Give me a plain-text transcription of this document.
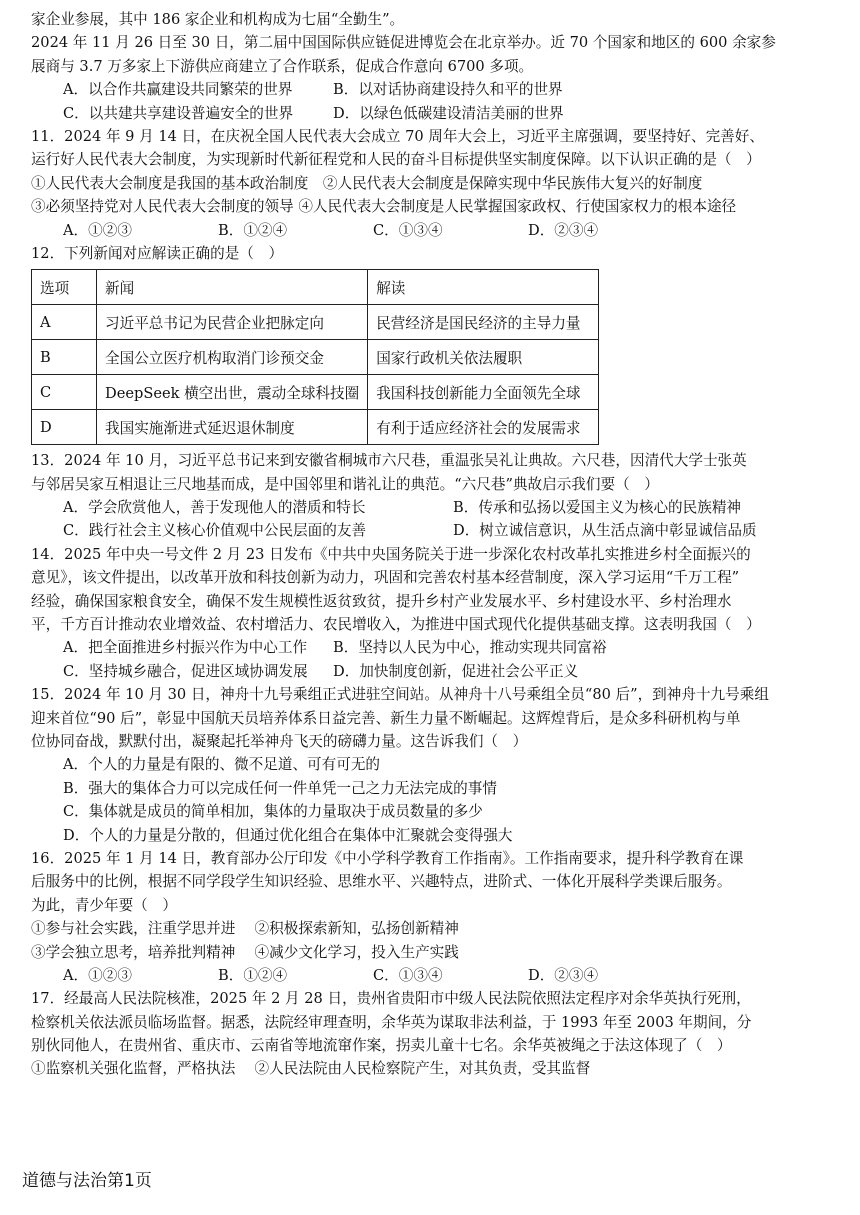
家企业参展，其中 186 家企业和机构成为七届“全勤生”。
2024 年 11 月 26 日至 30 日，第二届中国国际供应链促进博览会在北京举办。近 70 个国家和地区的 600 余家参
展商与 3.7 万多家上下游供应商建立了合作联系，促成合作意向 6700 多项。
A．以合作共赢建设共同繁荣的世界	B．以对话协商建设持久和平的世界
C．以共建共享建设普遍安全的世界	D．以绿色低碳建设清洁美丽的世界
11．2024 年 9 月 14 日，在庆祝全国人民代表大会成立 70 周年大会上，习近平主席强调，要坚持好、完善好、
运行好人民代表大会制度，为实现新时代新征程党和人民的奋斗目标提供坚实制度保障。以下认识正确的是（　）
①人民代表大会制度是我国的基本政治制度　②人民代表大会制度是保障实现中华民族伟大复兴的好制度
③必须坚持党对人民代表大会制度的领导 ④人民代表大会制度是人民掌握国家政权、行使国家权力的根本途径
A．①②③	B．①②④	C．①③④	D．②③④
12．下列新闻对应解读正确的是（　）
选项	新闻	解读
A	习近平总书记为民营企业把脉定向	民营经济是国民经济的主导力量
B	全国公立医疗机构取消门诊预交金	国家行政机关依法履职
C	DeepSeek 横空出世，震动全球科技圈	我国科技创新能力全面领先全球
D	我国实施渐进式延迟退休制度	有利于适应经济社会的发展需求
13．2024 年 10 月，习近平总书记来到安徽省桐城市六尺巷，重温张吴礼让典故。六尺巷，因清代大学士张英
与邻居吴家互相退让三尺地基而成，是中国邻里和谐礼让的典范。“六尺巷”典故启示我们要（　）
A．学会欣赏他人，善于发现他人的潜质和特长	B．传承和弘扬以爱国主义为核心的民族精神
C．践行社会主义核心价值观中公民层面的友善	D．树立诚信意识，从生活点滴中彰显诚信品质
14．2025 年中央一号文件 2 月 23 日发布《中共中央国务院关于进一步深化农村改革扎实推进乡村全面振兴的
意见》，该文件提出，以改革开放和科技创新为动力，巩固和完善农村基本经营制度，深入学习运用“千万工程”
经验，确保国家粮食安全，确保不发生规模性返贫致贫，提升乡村产业发展水平、乡村建设水平、乡村治理水
平，千方百计推动农业增效益、农村增活力、农民增收入，为推进中国式现代化提供基础支撑。这表明我国（　）
A．把全面推进乡村振兴作为中心工作	B．坚持以人民为中心，推动实现共同富裕
C．坚持城乡融合，促进区域协调发展	D．加快制度创新，促进社会公平正义
15．2024 年 10 月 30 日，神舟十九号乘组正式进驻空间站。从神舟十八号乘组全员“80 后”，到神舟十九号乘组
迎来首位“90 后”，彰显中国航天员培养体系日益完善、新生力量不断崛起。这辉煌背后，是众多科研机构与单
位协同奋战，默默付出，凝聚起托举神舟飞天的磅礴力量。这告诉我们（　）
A．个人的力量是有限的、微不足道、可有可无的
B．强大的集体合力可以完成任何一件单凭一己之力无法完成的事情
C．集体就是成员的简单相加，集体的力量取决于成员数量的多少
D．个人的力量是分散的，但通过优化组合在集体中汇聚就会变得强大
16．2025 年 1 月 14 日，教育部办公厅印发《中小学科学教育工作指南》。工作指南要求，提升科学教育在课
后服务中的比例，根据不同学段学生知识经验、思维水平、兴趣特点，进阶式、一体化开展科学类课后服务。
为此，青少年要（　）
①参与社会实践，注重学思并进　 ②积极探索新知，弘扬创新精神
③学会独立思考，培养批判精神　 ④减少文化学习，投入生产实践
A．①②③	B．①②④	C．①③④	D．②③④
17．经最高人民法院核准，2025 年 2 月 28 日，贵州省贵阳市中级人民法院依照法定程序对余华英执行死刑，
检察机关依法派员临场监督。据悉，法院经审理查明，余华英为谋取非法利益，于 1993 年至 2003 年期间，分
别伙同他人，在贵州省、重庆市、云南省等地流窜作案，拐卖儿童十七名。余华英被绳之于法这体现了（　）
①监察机关强化监督，严格执法　 ②人民法院由人民检察院产生，对其负责，受其监督
道德与法治第1页
